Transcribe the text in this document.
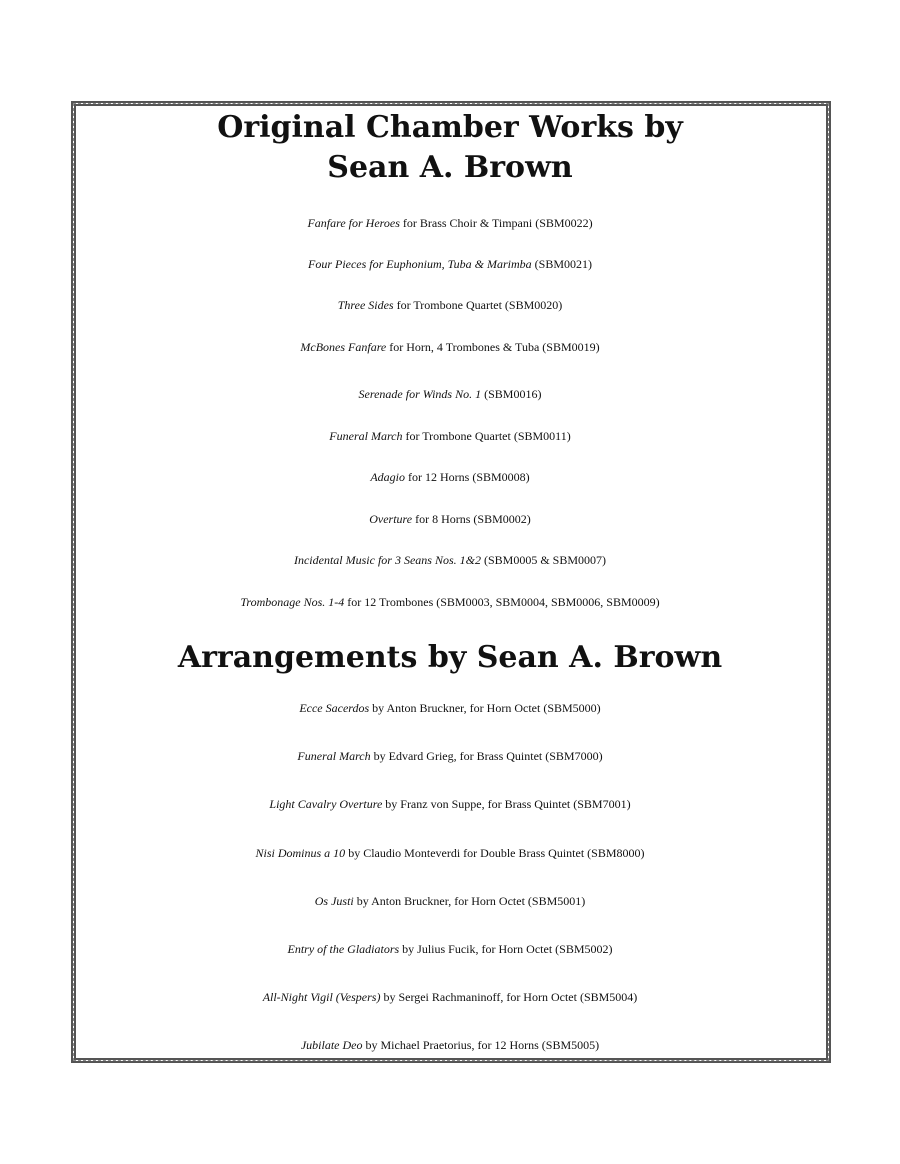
Original Chamber Works by
Sean A. Brown
Fanfare for Heroes for Brass Choir & Timpani (SBM0022)
Four Pieces for Euphonium, Tuba & Marimba (SBM0021)
Three Sides for Trombone Quartet (SBM0020)
McBones Fanfare for Horn, 4 Trombones & Tuba (SBM0019)
Serenade for Winds No. 1 (SBM0016)
Funeral March for Trombone Quartet (SBM0011)
Adagio for 12 Horns (SBM0008)
Overture for 8 Horns (SBM0002)
Incidental Music for 3 Seans Nos. 1&2 (SBM0005 & SBM0007)
Trombonage Nos. 1-4 for 12 Trombones (SBM0003, SBM0004, SBM0006, SBM0009)
Arrangements by Sean A. Brown
Ecce Sacerdos by Anton Bruckner, for Horn Octet (SBM5000)
Funeral March by Edvard Grieg, for Brass Quintet (SBM7000)
Light Cavalry Overture by Franz von Suppe, for Brass Quintet (SBM7001)
Nisi Dominus a 10 by Claudio Monteverdi for Double Brass Quintet (SBM8000)
Os Justi by Anton Bruckner, for Horn Octet (SBM5001)
Entry of the Gladiators by Julius Fucik, for Horn Octet (SBM5002)
All-Night Vigil (Vespers) by Sergei Rachmaninoff, for Horn Octet (SBM5004)
Jubilate Deo by Michael Praetorius, for 12 Horns (SBM5005)
